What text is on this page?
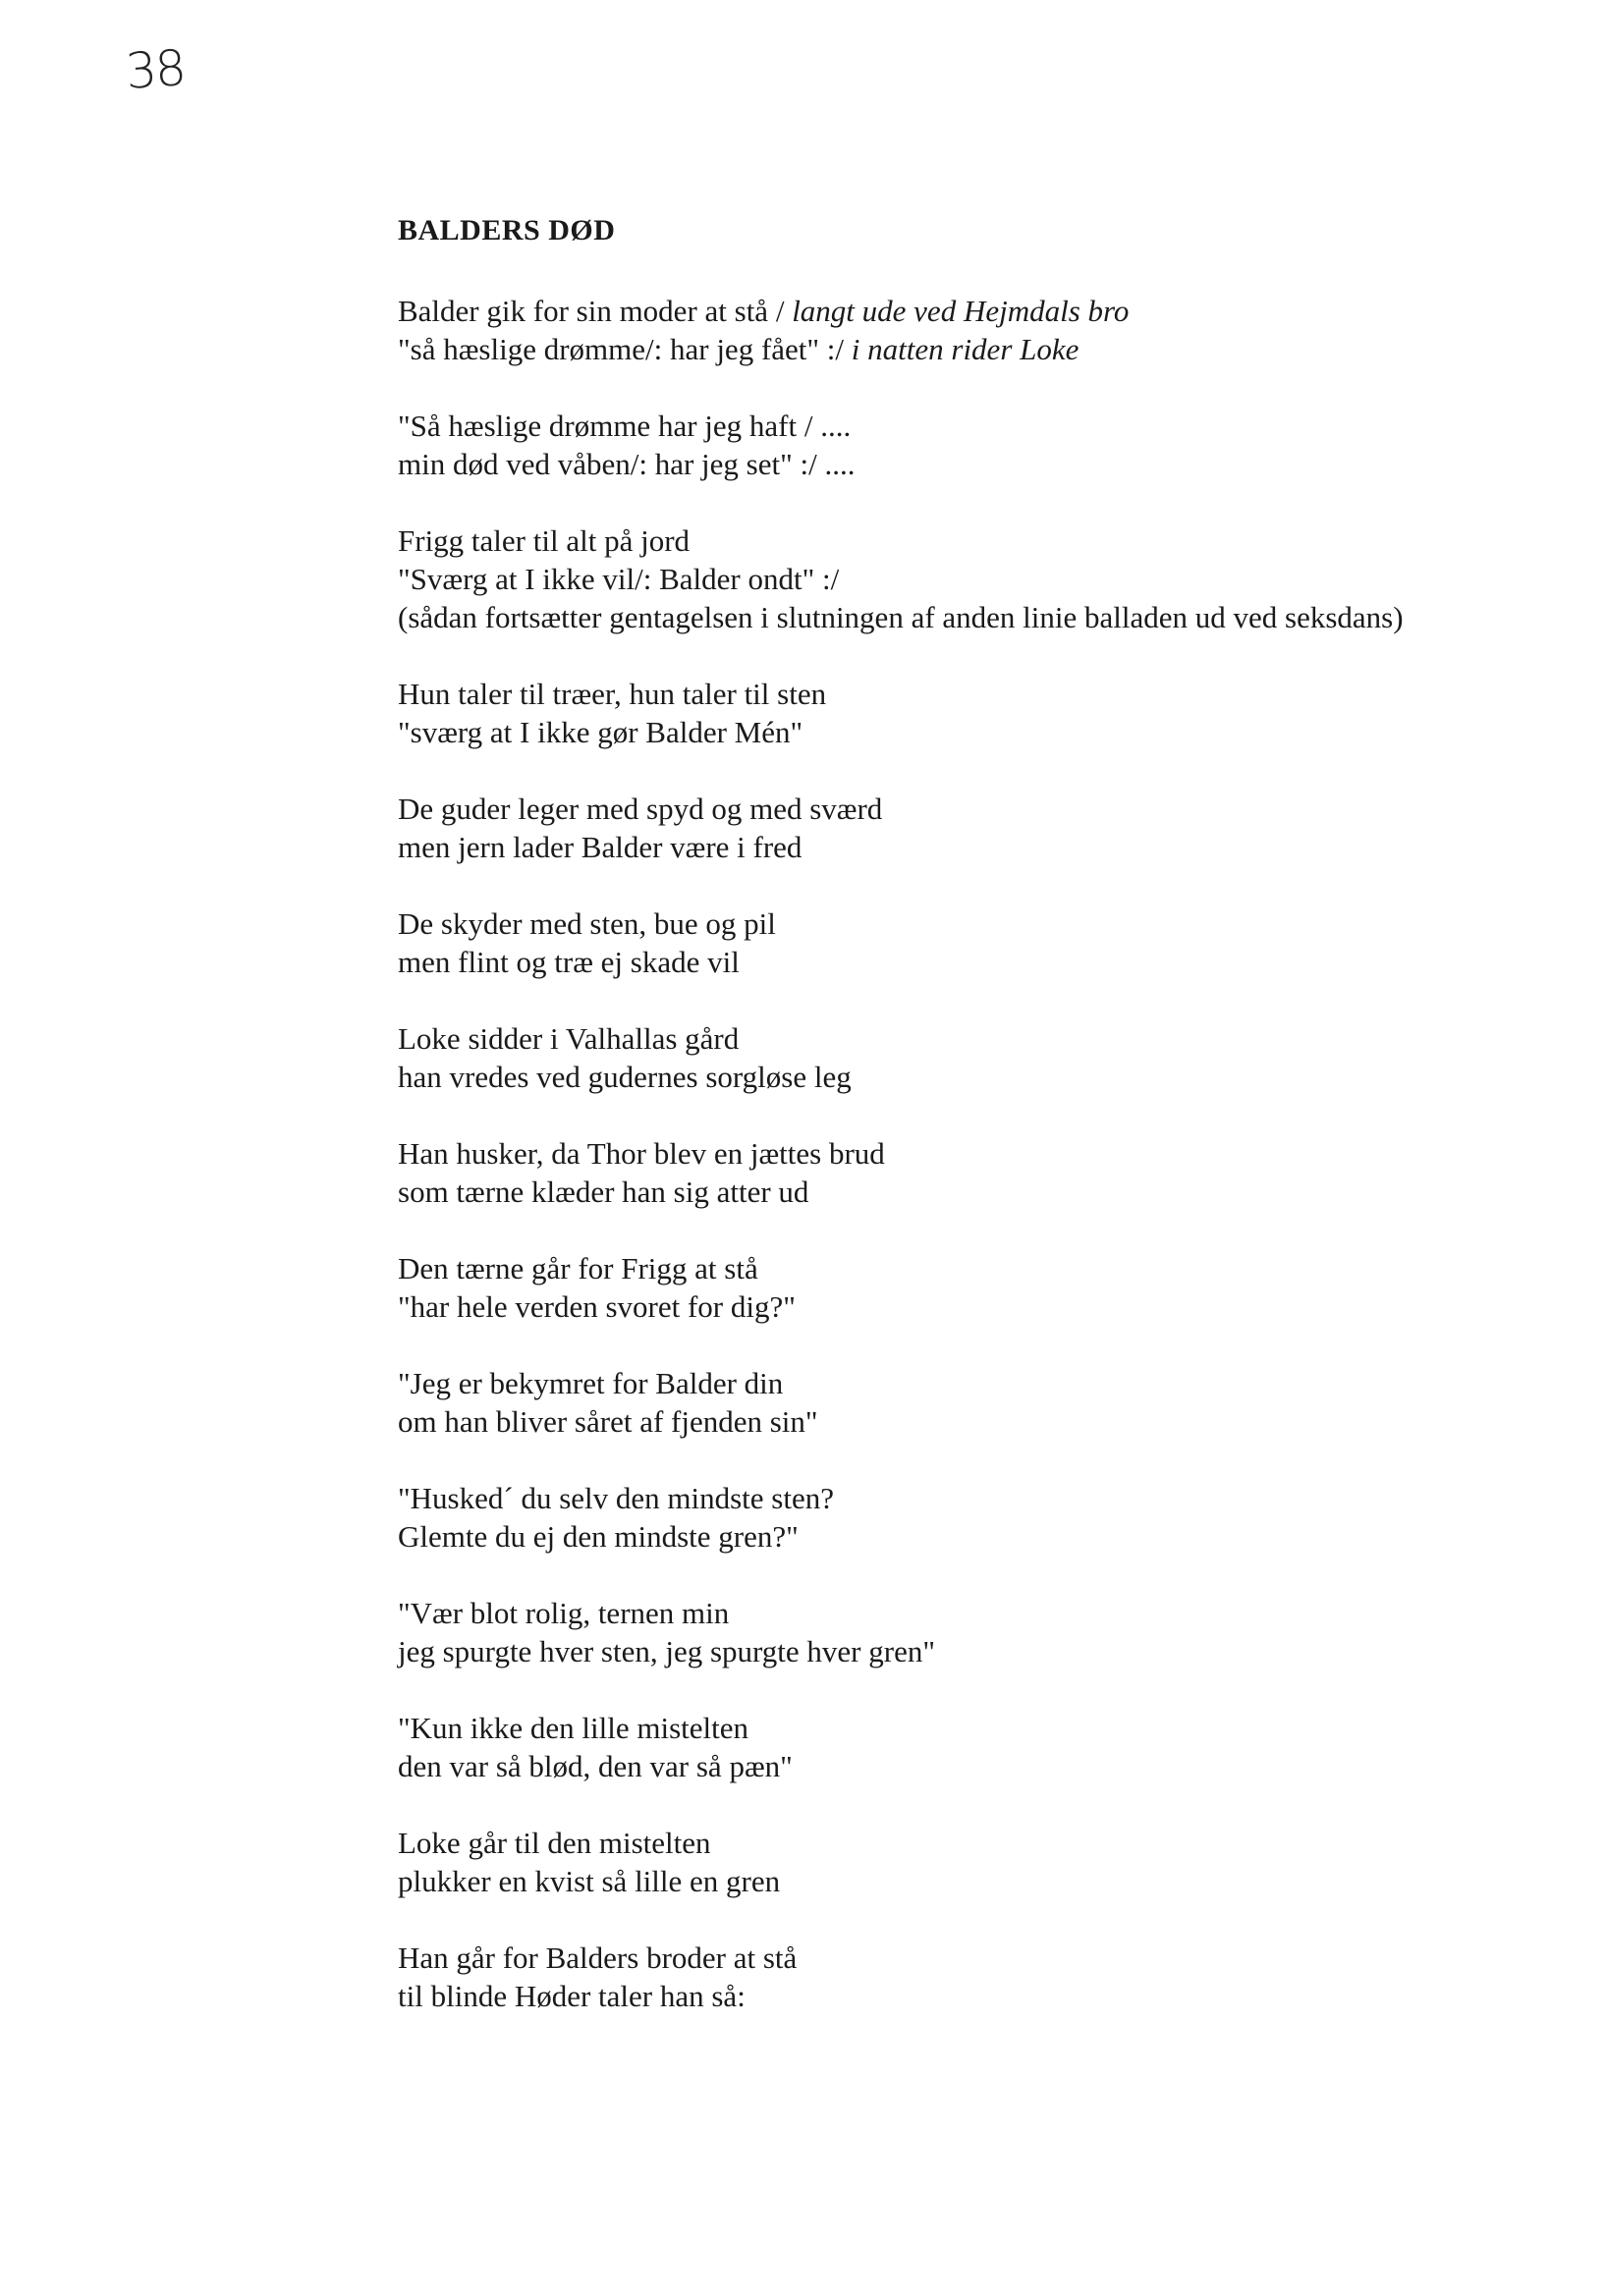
38
BALDERS DØD
Balder gik for sin moder at stå / langt ude ved Hejmdals bro
"så hæslige drømme/: har jeg fået" :/ i natten rider Loke
"Så hæslige drømme har jeg haft / ....
min død ved våben/: har jeg set" :/ ....
Frigg taler til alt på jord
"Sværg at I ikke vil/: Balder ondt" :/
(sådan fortsætter gentagelsen i slutningen af anden linie balladen ud ved seksdans)
Hun taler til træer, hun taler til sten
"sværg at I ikke gør Balder Mén"
De guder leger med spyd og med sværd
men jern lader Balder være i fred
De skyder med sten, bue og pil
men flint og træ ej skade vil
Loke sidder i Valhallas gård
han vredes ved gudernes sorgløse leg
Han husker, da Thor blev en jættes brud
som tærne klæder han sig atter ud
Den tærne går for Frigg at stå
"har hele verden svoret for dig?"
"Jeg er bekymret for Balder din
om han bliver såret af fjenden sin"
"Husked´ du selv den mindste sten?
Glemte du ej den mindste gren?"
"Vær blot rolig, ternen min
jeg spurgte hver sten, jeg spurgte hver gren"
"Kun ikke den lille mistelten
den var så blød, den var så pæn"
Loke går til den mistelten
plukker en kvist så lille en gren
Han går for Balders broder at stå
til blinde Høder taler han så:
